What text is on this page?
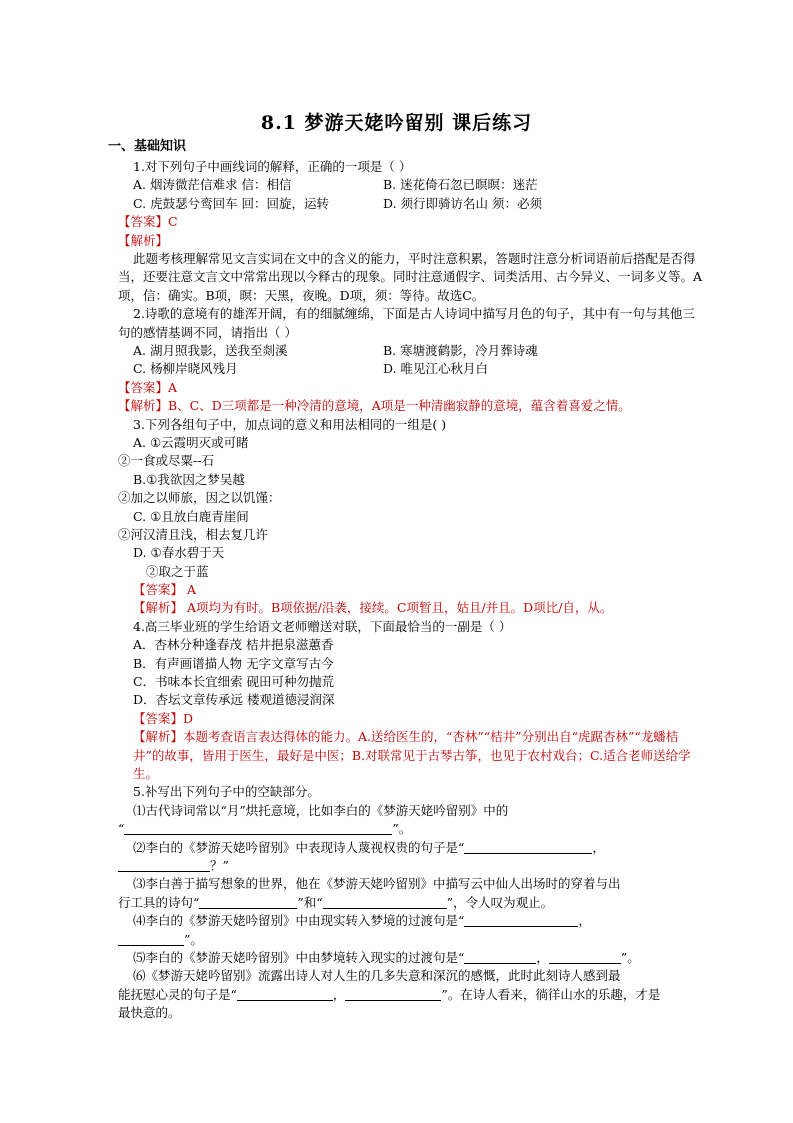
8.1 梦游天姥吟留别 课后练习
一、基础知识
1.对下列句子中画线词的解释，正确的一项是（ ）
A. 烟涛微茫信难求 信：相信	B. 迷花倚石忽已暝暝：迷茫
C. 虎鼓瑟兮鸾回车 回：回旋，运转	D. 须行即骑访名山 须：必须
【答案】C
【解析】
此题考核理解常见文言实词在文中的含义的能力，平时注意积累，答题时注意分析词语前后搭配是否得当，还要注意文言文中常常出现以今释古的现象。同时注意通假字、词类活用、古今异义、一词多义等。A项，信：确实。B项，暝：天黑，夜晚。D项，须：等待。故选C。
2.诗歌的意境有的雄浑开阔，有的细腻缠绵，下面是古人诗词中描写月色的句子，其中有一句与其他三句的感情基调不同，请指出（ ）
A. 湖月照我影，送我至剡溪	B. 寒塘渡鹤影，冷月葬诗魂
C. 杨柳岸晓风残月	D. 唯见江心秋月白
【答案】A
【解析】B、C、D三项都是一种冷清的意境，A项是一种清幽寂静的意境，蕴含着喜爱之情。
3.下列各组句子中，加点词的意义和用法相同的一组是( )
A. ①云霞明灭或可睹
②一食或尽粟--石
B.①我欲因之梦吴越
②加之以师旅，因之以饥馑：
C. ①且放白鹿青崖间
②河汉清且浅，相去复几许
D. ①春水碧于天
②取之于蓝
【答案】 A
【解析】 A项均为有时。B项依据/沿袭，接续。C项暂且，姑且/并且。D项比/自，从。
4.高三毕业班的学生给语文老师赠送对联，下面最恰当的一副是（ ）
A．杏林分种逢春茂 桔井挹泉滋蕙香
B．有声画谱描人物 无字文章写古今
C．书味本长宜细索 砚田可种勿抛荒
D．杏坛文章传承远 楼观道德浸润深
【答案】D
【解析】本题考查语言表达得体的能力。A.送给医生的，“杏林”“桔井”分别出自“虎踞杏林”“龙蟠桔井”的故事，皆用于医生，最好是中医；B.对联常见于古琴古筝，也见于农村戏台；C.适合老师送给学生。
5.补写出下列句子中的空缺部分。
⑴古代诗词常以“月”烘托意境，比如李白的《梦游天姥吟留别》中的
“	”。
⑵李白的《梦游天姥吟留别》中表现诗人蔑视权贵的句子是“	，
？”
⑶李白善于描写想象的世界，他在《梦游天姥吟留别》中描写云中仙人出场时的穿着与出
行工具的诗句“	”和“	”，令人叹为观止。
⑷李白的《梦游天姥吟留别》中由现实转入梦境的过渡句是“	，
”。
⑸李白的《梦游天姥吟留别》中由梦境转入现实的过渡句是“	，	”。
⑹《梦游天姥吟留别》流露出诗人对人生的几多失意和深沉的感慨，此时此刻诗人感到最
能抚慰心灵的句子是“	，	”。在诗人看来，徜徉山水的乐趣，才是
最快意的。
